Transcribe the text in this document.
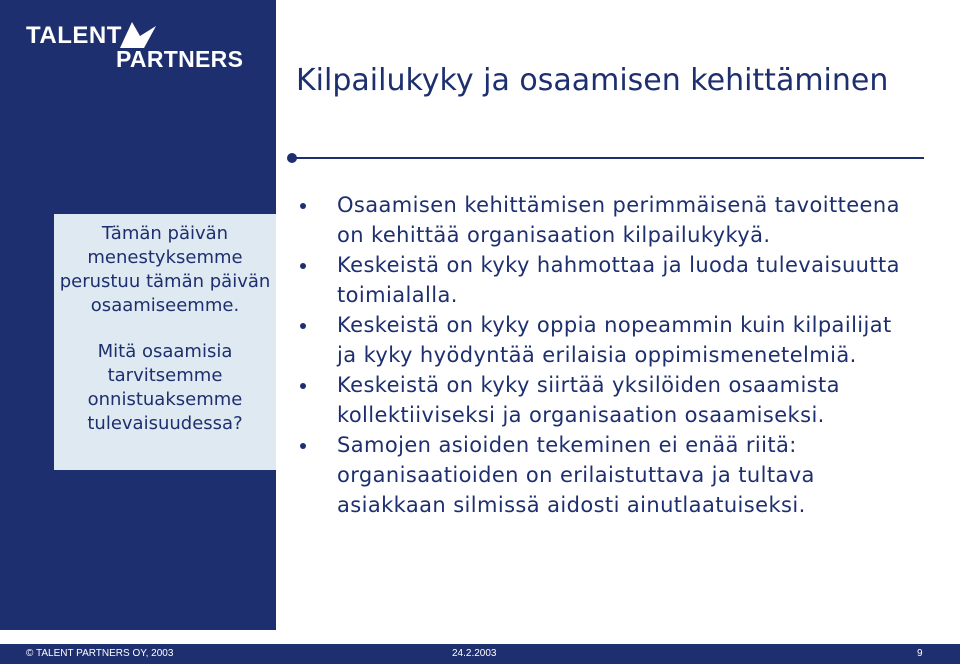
TALENT
PARTNERS
Kilpailukyky ja osaamisen kehittäminen

Tämän päivän menestyksemme perustuu tämän päivän osaamiseemme.

Mitä osaamisia tarvitsemme onnistuaksemme tulevaisuudessa?

Osaamisen kehittämisen perimmäisenä tavoitteena on kehittää organisaation kilpailukykyä.
Keskeistä on kyky hahmottaa ja luoda tulevaisuutta toimialalla.
Keskeistä on kyky oppia nopeammin kuin kilpailijat ja kyky hyödyntää erilaisia oppimismenetelmiä.
Keskeistä on kyky siirtää yksilöiden osaamista kollektiiviseksi ja organisaation osaamiseksi.
Samojen asioiden tekeminen ei enää riitä: organisaatioiden on erilaistuttava ja tultava asiakkaan silmissä aidosti ainutlaatuiseksi.
© TALENT PARTNERS OY, 2003	24.2.2003	9
